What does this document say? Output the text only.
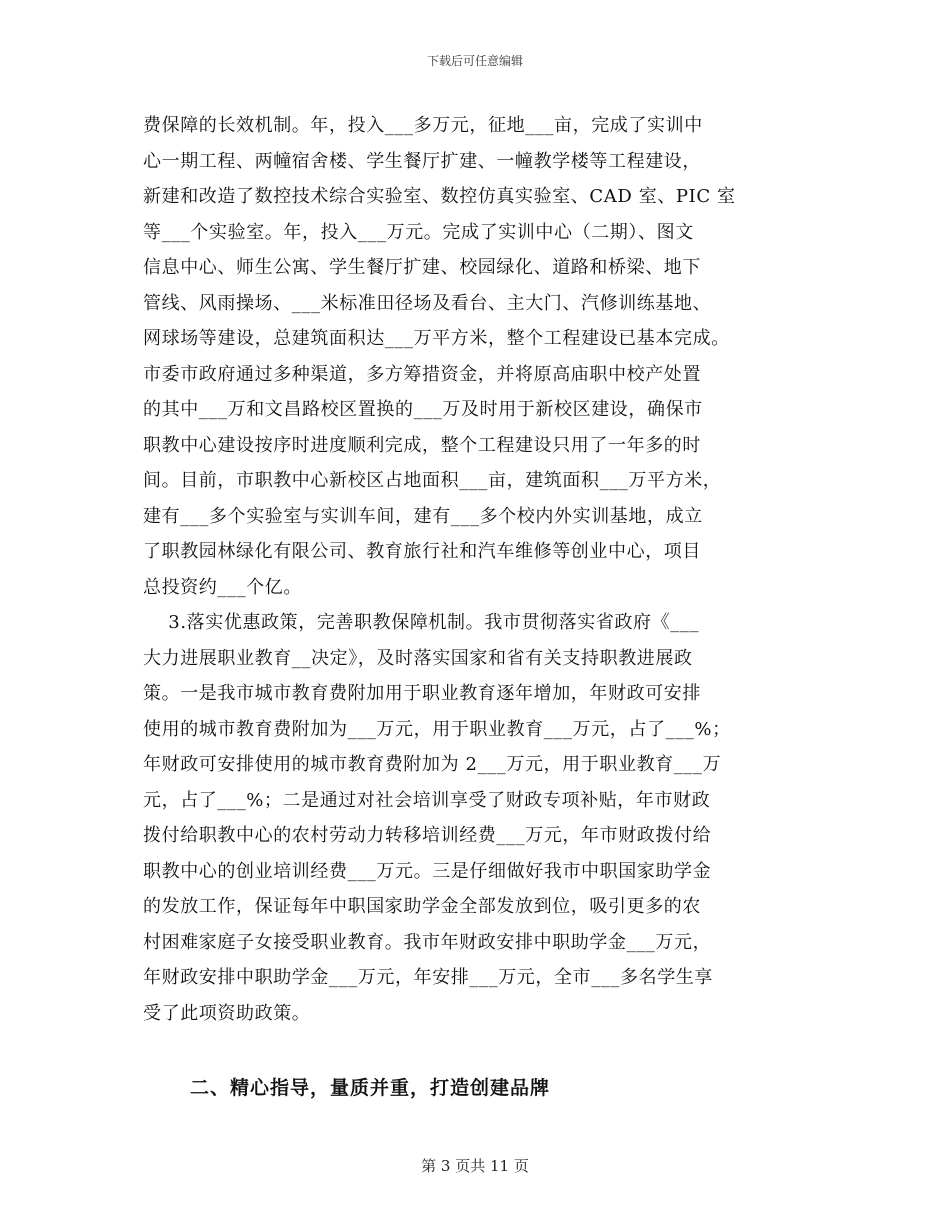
下载后可任意编辑
费保障的长效机制。年，投入___多万元，征地___亩，完成了实训中
心一期工程、两幢宿舍楼、学生餐厅扩建、一幢教学楼等工程建设，
新建和改造了数控技术综合实验室、数控仿真实验室、CAD 室、PIC 室
等___个实验室。年，投入___万元。完成了实训中心（二期）、图文
信息中心、师生公寓、学生餐厅扩建、校园绿化、道路和桥梁、地下
管线、风雨操场、___米标准田径场及看台、主大门、汽修训练基地、
网球场等建设，总建筑面积达___万平方米，整个工程建设已基本完成。
市委市政府通过多种渠道，多方筹措资金，并将原高庙职中校产处置
的其中___万和文昌路校区置换的___万及时用于新校区建设，确保市
职教中心建设按序时进度顺利完成，整个工程建设只用了一年多的时
间。目前，市职教中心新校区占地面积___亩，建筑面积___万平方米，
建有___多个实验室与实训车间，建有___多个校内外实训基地，成立
了职教园林绿化有限公司、教育旅行社和汽车维修等创业中心，项目
总投资约___个亿。
3.落实优惠政策，完善职教保障机制。我市贯彻落实省政府《___
大力进展职业教育__决定》，及时落实国家和省有关支持职教进展政
策。一是我市城市教育费附加用于职业教育逐年增加，年财政可安排
使用的城市教育费附加为___万元，用于职业教育___万元，占了___%；
年财政可安排使用的城市教育费附加为 2___万元，用于职业教育___万
元，占了___%；二是通过对社会培训享受了财政专项补贴，年市财政
拨付给职教中心的农村劳动力转移培训经费___万元，年市财政拨付给
职教中心的创业培训经费___万元。三是仔细做好我市中职国家助学金
的发放工作，保证每年中职国家助学金全部发放到位，吸引更多的农
村困难家庭子女接受职业教育。我市年财政安排中职助学金___万元，
年财政安排中职助学金___万元，年安排___万元，全市___多名学生享
受了此项资助政策。
二、精心指导，量质并重，打造创建品牌
第 3 页共 11 页
